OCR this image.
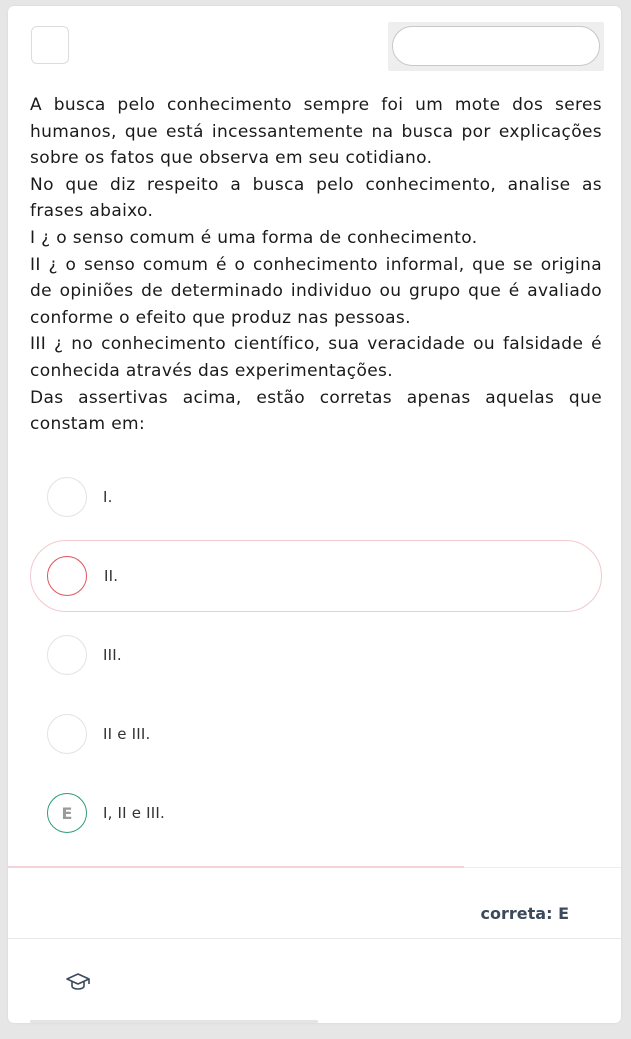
A busca pelo conhecimento sempre foi um mote dos seres humanos, que está incessantemente na busca por explicações sobre os fatos que observa em seu cotidiano.

No que diz respeito a busca pelo conhecimento, analise as frases abaixo.

I ¿ o senso comum é uma forma de conhecimento.

II ¿ o senso comum é o conhecimento informal, que se origina de opiniões de determinado individuo ou grupo que é avaliado conforme o efeito que produz nas pessoas.

III ¿ no conhecimento científico, sua veracidade ou falsidade é conhecida através das experimentações.

Das assertivas acima, estão corretas apenas aquelas que constam em:

I.
II.
III.
II e III.
E	I, II e III.
correta: E
